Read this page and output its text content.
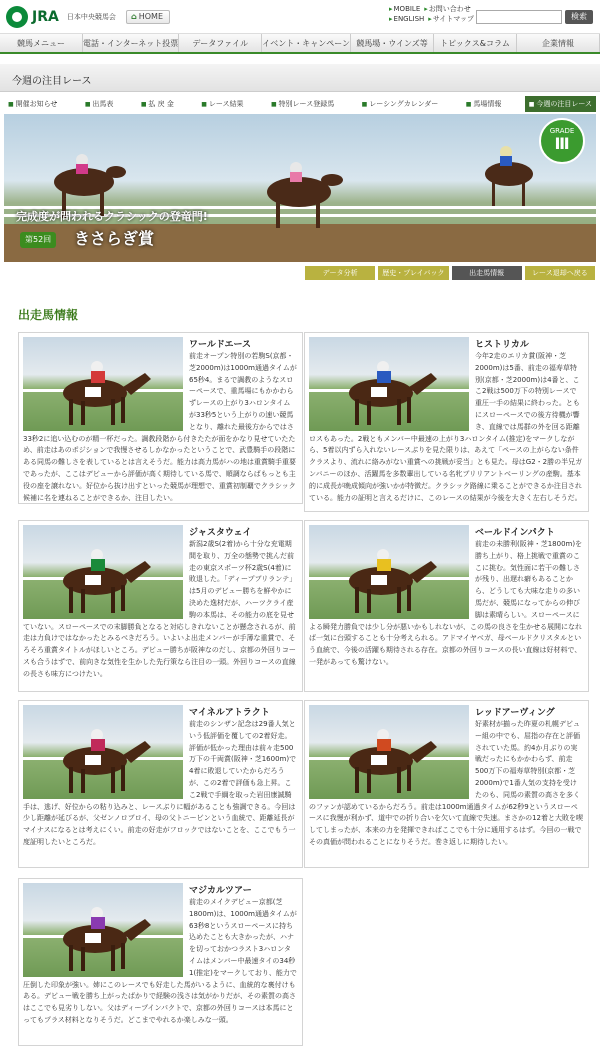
JRA 日本中央競馬会	⌂ HOME
▸ MOBILE	▸ お問い合わせ
▸ ENGLISH	▸ サイトマップ	検索
競馬メニュー	電話・インターネット投票	データファイル	イベント・キャンペーン 競馬場・ウインズ等	トピックス&コラム	企業情報
今週の注目レース
■ 開催お知らせ	■ 出馬表	■ 払 戻 金	■ レース結果	■ 特別レース登録馬	■ レーシングカレンダー	■ 馬場情報	■ 今週の注目レース
完成度が問われるクラシックの登竜門!
第52回	きさらぎ賞
GRADE
Ⅲ
データ分析	歴史・プレイバック	出走馬情報	レース退却へ戻る
出走馬情報
ワールドエース
前走オープン特別の若駒S(京都・芝2000m)は1000m通過タイムが65秒4。まるで調教のようなスローペースで、重馬場にもかかわらずレースの上がり3ハロンタイムが33秒5という上がりの速い競馬となり、離れた最後方からではさ33秒2に追い込むのが精一杯だった。調教段階から付きたたが面をかなり見せていたため、前走はあのポジションで我慢させるしかなかったということで、武豊騎手の段階にある同馬の難しさを表しているとは言えそうだ。能力は高力馬がハの地は重賞騎手重要であったが、ここはデビューから評価が高く期待している馬で、順調ならばもっとも主役の座を譲れない。好位から抜け出すといった競馬が理想で、重賞初制覇でクラシック候補に名を連ねることができるか、注目したい。
ヒストリカル
今年2走のエリカ賞(阪神・芝2000m)は5番、前走の福寿草特別(京都・芝2000m)は4番と、ここ2戦は500万下の特別レースで重圧一手の結果に終わった。ともにスローペースでの後方待機が響き、直線では馬群の外を回る距離ロスもあった。2戦ともメンバー中最速の上がり3ハロンタイム(推定)をマークしながら、5着以内ずら入れないレースぶりを見た限りは、あえて「ペースの上がらない条件クラスより、流れに絡みがない重賞への挑戦が妥当」とも見た。母はG2・2勝の半兄ガンバニーのほか、活躍馬を多数輩出している名牝ブリリアントベーリングの産駒。基本的に成長が晩成傾向が強いかが特徴だ。クラシック路線に乗ることができるか注目されている。能力の証明と言えるだけに、このレースの結果が今後を大きく左右しそうだ。
ジャスタウェイ
新潟2歳S(2着)から十分な充電期間を取り、万全の態勢で挑んだ前走の東京スポーツ杯2歳S(4着)に敗退した。「ディープブリランテ」は5月のデビュー勝ちを鮮やかに決めた逸材だが、ハーツクライ産駒の本馬は、その能力の底を見せていない。スローペースでの末脚勝負となると対応しきれないことが懸念されるが、前走は力負けではなかったとみるべきだろう。いよいよ出走メンバーが手薄な重賞で、そろそろ重賞タイトルがほしいところ。デビュー勝ちが阪神なのだし、京都の外回りコースも合うはずで、前向きな気性を生かした先行策なら注目の一頭。外回りコースの直線の長さも味方につけたい。
ベールドインパクト
前走の未勝利(阪神・芝1800m)を勝ち上がり、格上挑戦で重賞のここに挑む。気性面に若干の難しさが残り、出遅れ癖もあることから、どうしても大味な走りの多い馬だが、競馬になってからの伸び脚は素晴らしい。スローペースによる瞬発力勝負では少し分が悪いかもしれないが、この馬の良さを生かせる展開になれば一気に台頭することも十分考えられる。アドマイヤベガ、母ベールドクリスタルという血統で、今後の活躍も期待される存在。京都の外回りコースの長い直線は好材料で、一発があっても驚けない。
マイネルアトラクト
前走のシンザン記念は29番人気という低評価を覆しての2着好走。評価が低かった理由は前々走500万下の千両賞(阪神・芝1600m)で4着に敗退していたからだろうが、この2着で評価も急上昇。ここ2戦で手綱を取った岩田康誠騎手は、逃げ、好位からの粘り込みと、レースぶりに幅があることも強調できる。今回は少し距離が延びるが、父ゼンノロブロイ、母の父トニービンという血統で、距離延長がマイナスになるとは考えにくい。前走の好走がフロックではないことを、ここでもう一度証明したいところだ。
レッドアーヴィング
好素材が揃った昨夏の札幌デビュー組の中でも、屈指の存在と評価されていた馬。約4か月ぶりの実戦だったにもかかわらず、前走500万下の福寿草特別(京都・芝2000m)で1番人気の支持を受けたのも、同馬の素質の高さを多くのファンが認めているからだろう。前走は1000m通過タイムが62秒9というスローペースに我慢が利かず、道中での折り合いを欠いて直線で失速。まさかの12着と大敗を喫してしまったが、本来の力を発揮できればここでも十分に通用するはず。今回の一戦でその真価が問われることになりそうだ。巻き返しに期待したい。
マジカルツアー
前走のメイクデビュー京都(芝1800m)は、1000m通過タイムが63秒8というスローペースに持ち込めたことも大きかったが、ハナを切っておかつラスト3ハロンタイムはメンバー中最速タイの34秒1(推定)をマークしており、能力で圧倒した印象が強い。姉にこのレースでも好走した馬がいるように、血統的な裏付けもある。デビュー戦を勝ち上がったばかりで経験の浅さは気がかりだが、その素質の高さはここでも見劣りしない。父はディープインパクトで、京都の外回りコースは本馬にとってもプラス材料となりそうだ。どこまでやれるか楽しみな一頭。
